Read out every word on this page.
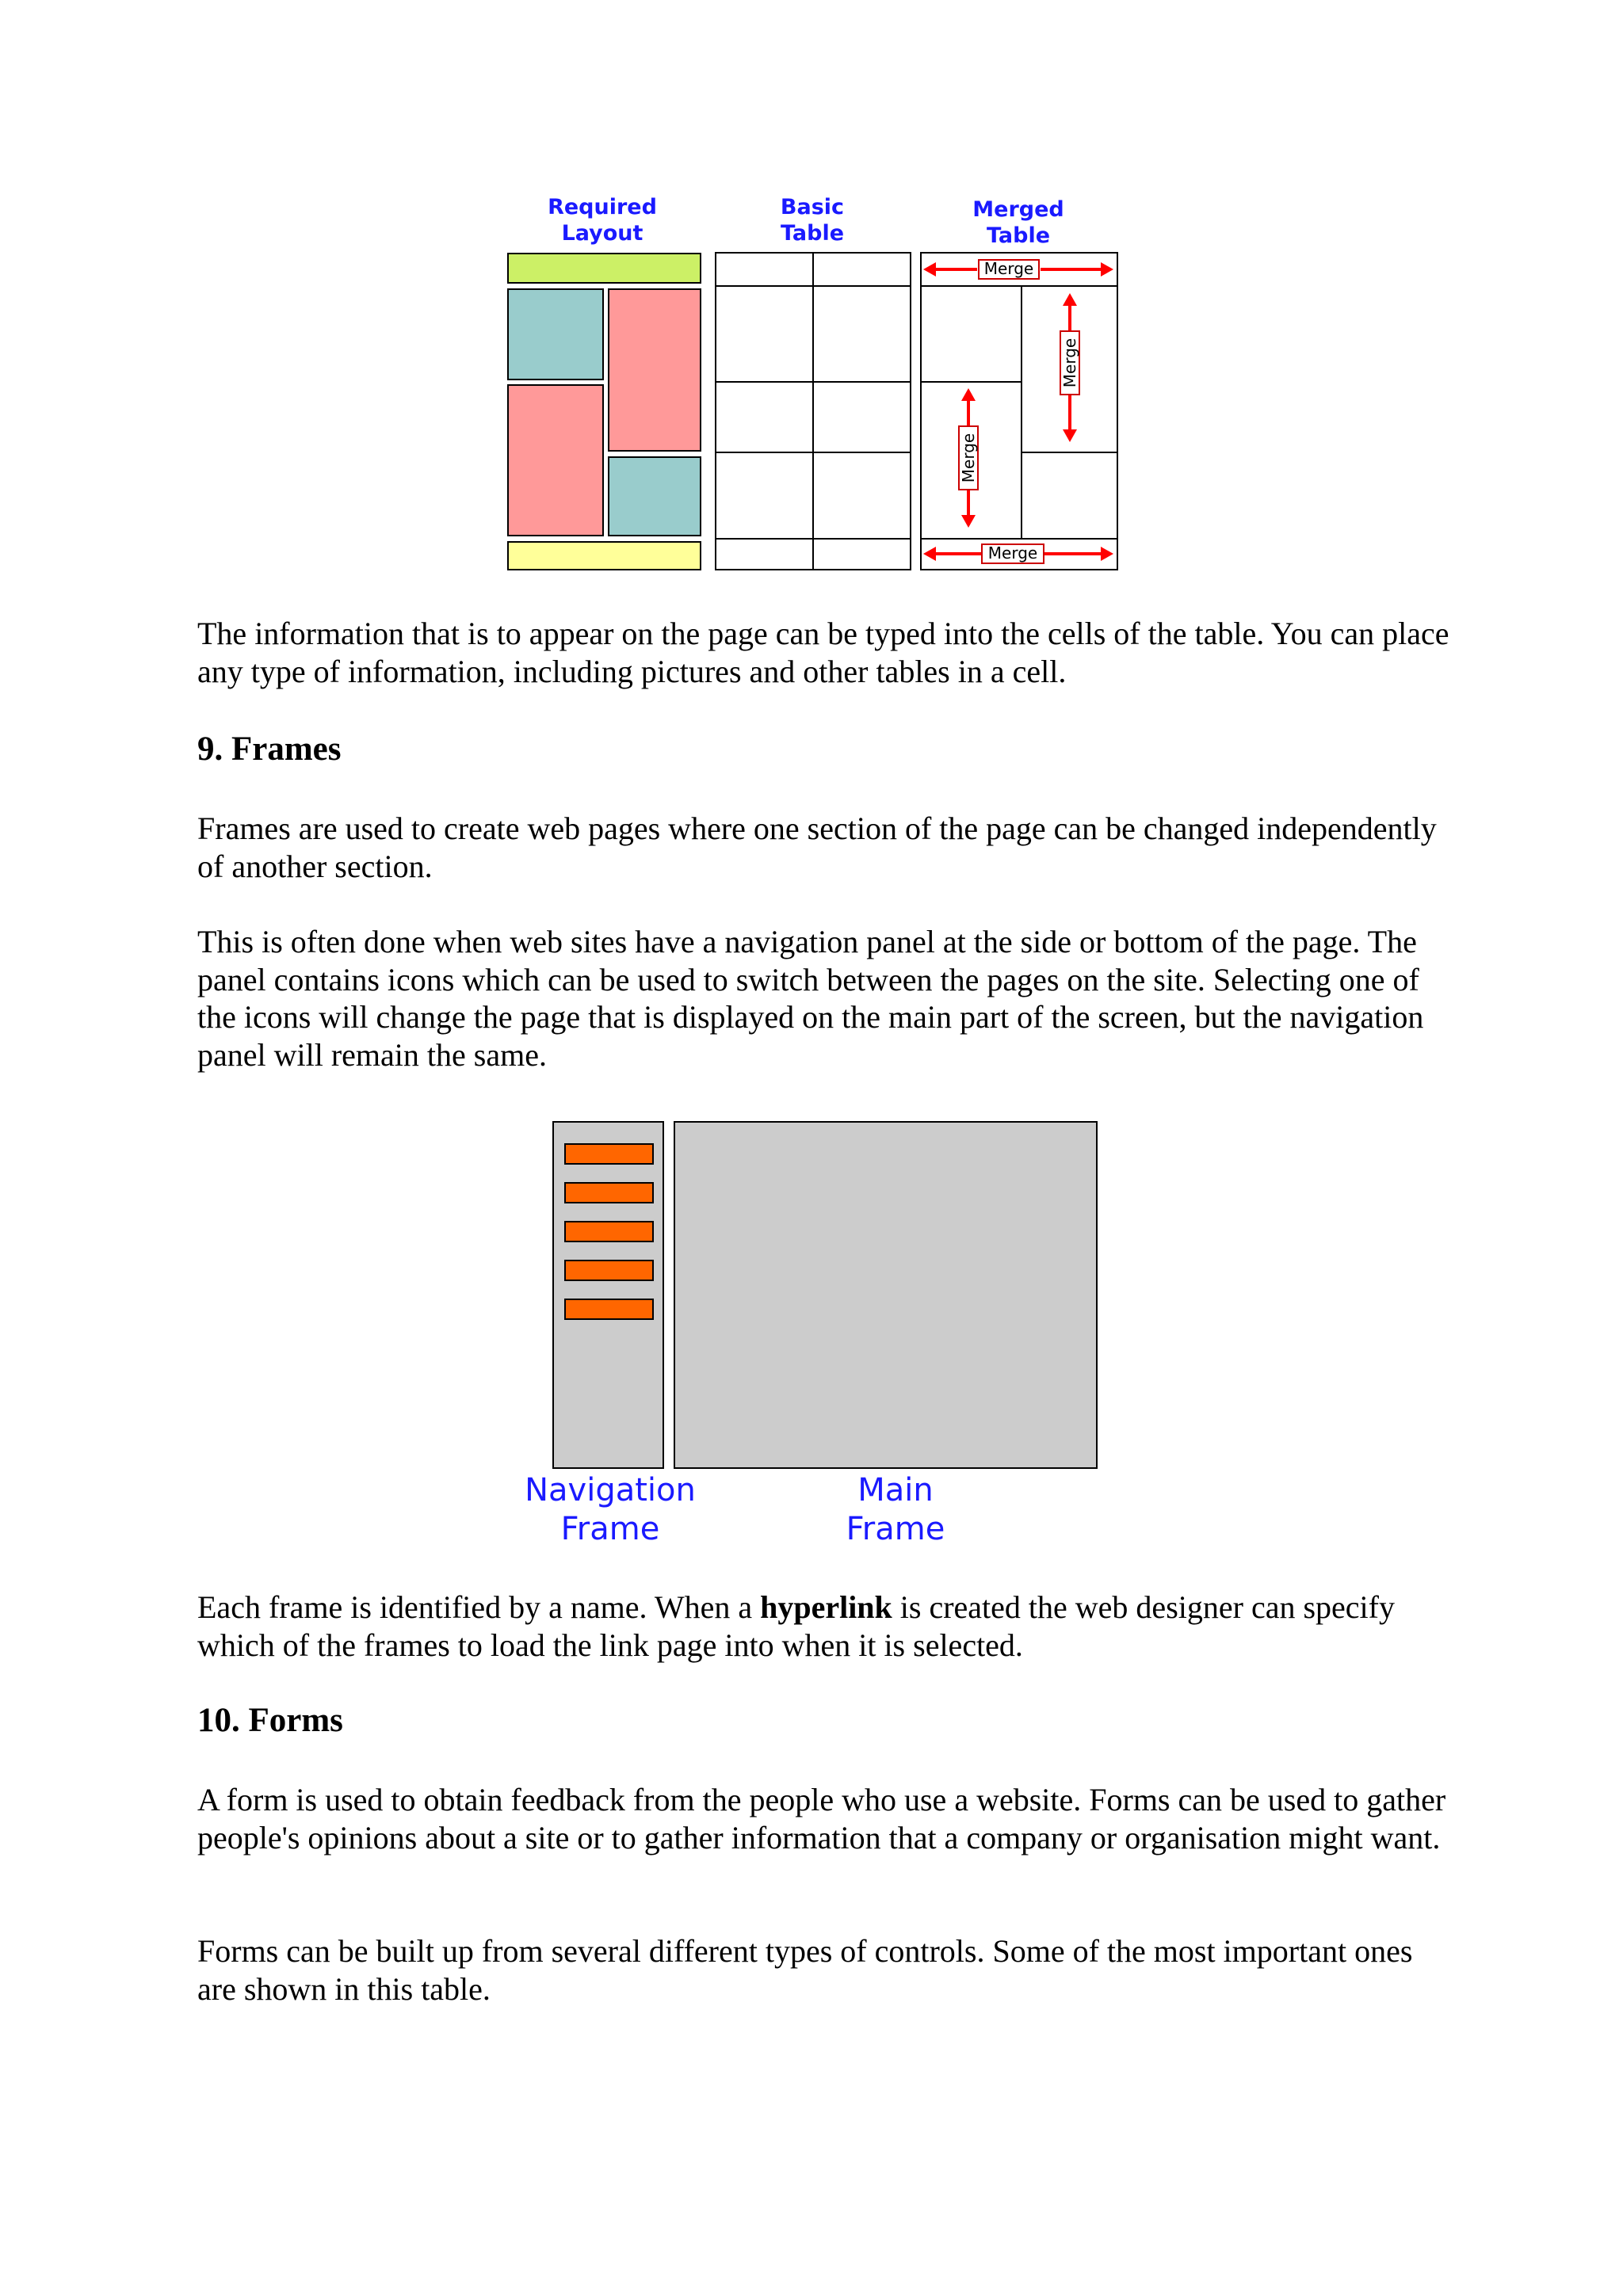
Required
Layout
Basic
Table
Merged
Table
Merge
Merge
Merge
Merge

The information that is to appear on the page can be typed into the cells of the table. You can place any type of information, including pictures and other tables in a cell.

9. Frames

Frames are used to create web pages where one section of the page can be changed independently of another section.

This is often done when web sites have a navigation panel at the side or bottom of the page. The panel contains icons which can be used to switch between the pages on the site. Selecting one of the icons will change the page that is displayed on the main part of the screen, but the navigation panel will remain the same.

Navigation
Frame
Main
Frame

Each frame is identified by a name. When a hyperlink is created the web designer can specify which of the frames to load the link page into when it is selected.

10. Forms

A form is used to obtain feedback from the people who use a website. Forms can be used to gather people's opinions about a site or to gather information that a company or organisation might want.

Forms can be built up from several different types of controls. Some of the most important ones are shown in this table.
